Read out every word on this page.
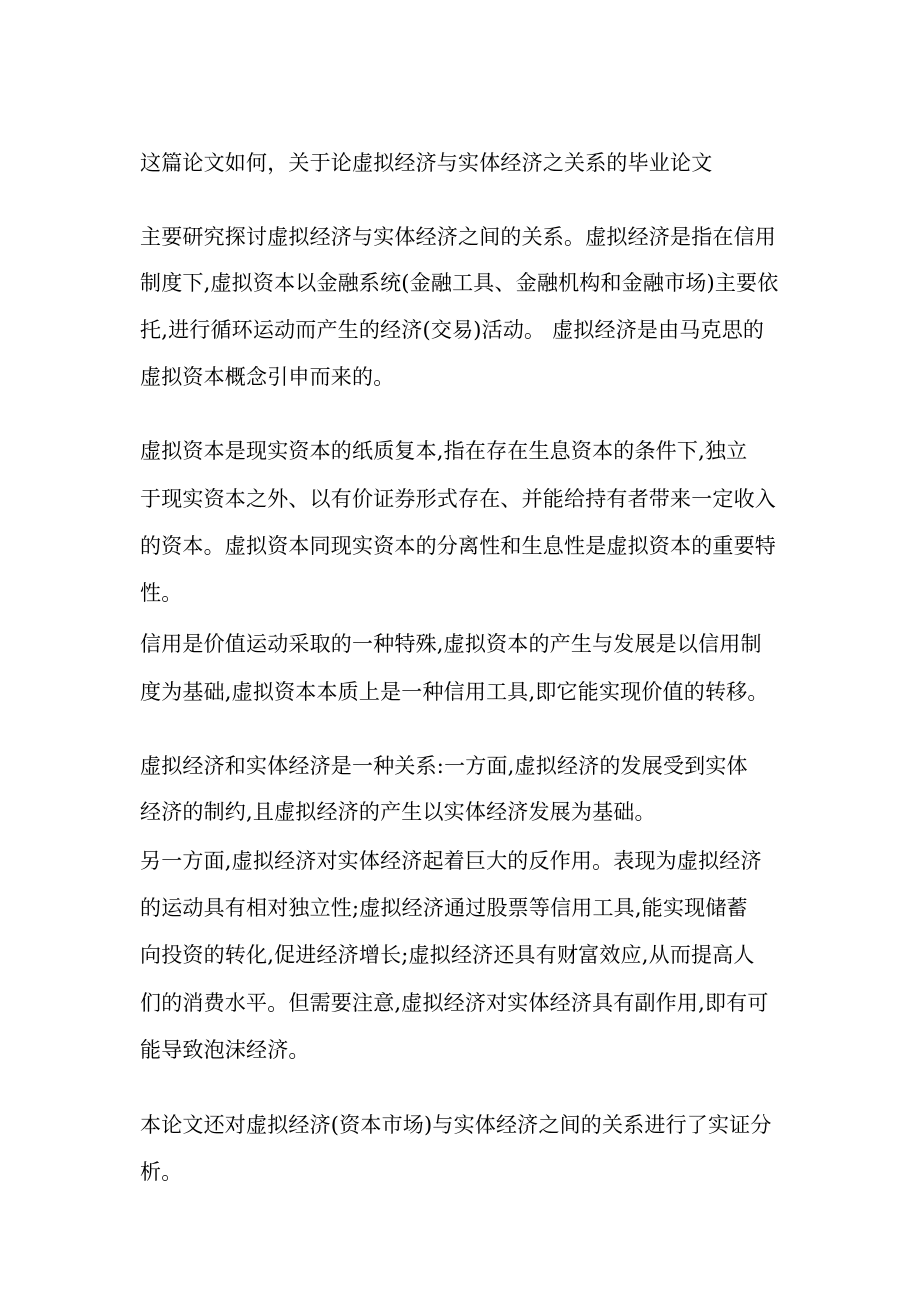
这篇论文如何，关于论虚拟经济与实体经济之关系的毕业论文
主要研究探讨虚拟经济与实体经济之间的关系。虚拟经济是指在信用
制度下,虚拟资本以金融系统(金融工具、金融机构和金融市场)主要依
托,进行循环运动而产生的经济(交易)活动。 虚拟经济是由马克思的
虚拟资本概念引申而来的。
虚拟资本是现实资本的纸质复本,指在存在生息资本的条件下,独立
于现实资本之外、以有价证券形式存在、并能给持有者带来一定收入
的资本。虚拟资本同现实资本的分离性和生息性是虚拟资本的重要特
性。
信用是价值运动采取的一种特殊,虚拟资本的产生与发展是以信用制
度为基础,虚拟资本本质上是一种信用工具,即它能实现价值的转移。
虚拟经济和实体经济是一种关系:一方面,虚拟经济的发展受到实体
经济的制约,且虚拟经济的产生以实体经济发展为基础。
另一方面,虚拟经济对实体经济起着巨大的反作用。表现为虚拟经济
的运动具有相对独立性;虚拟经济通过股票等信用工具,能实现储蓄
向投资的转化,促进经济增长;虚拟经济还具有财富效应,从而提高人
们的消费水平。但需要注意,虚拟经济对实体经济具有副作用,即有可
能导致泡沫经济。
本论文还对虚拟经济(资本市场)与实体经济之间的关系进行了实证分
析。
